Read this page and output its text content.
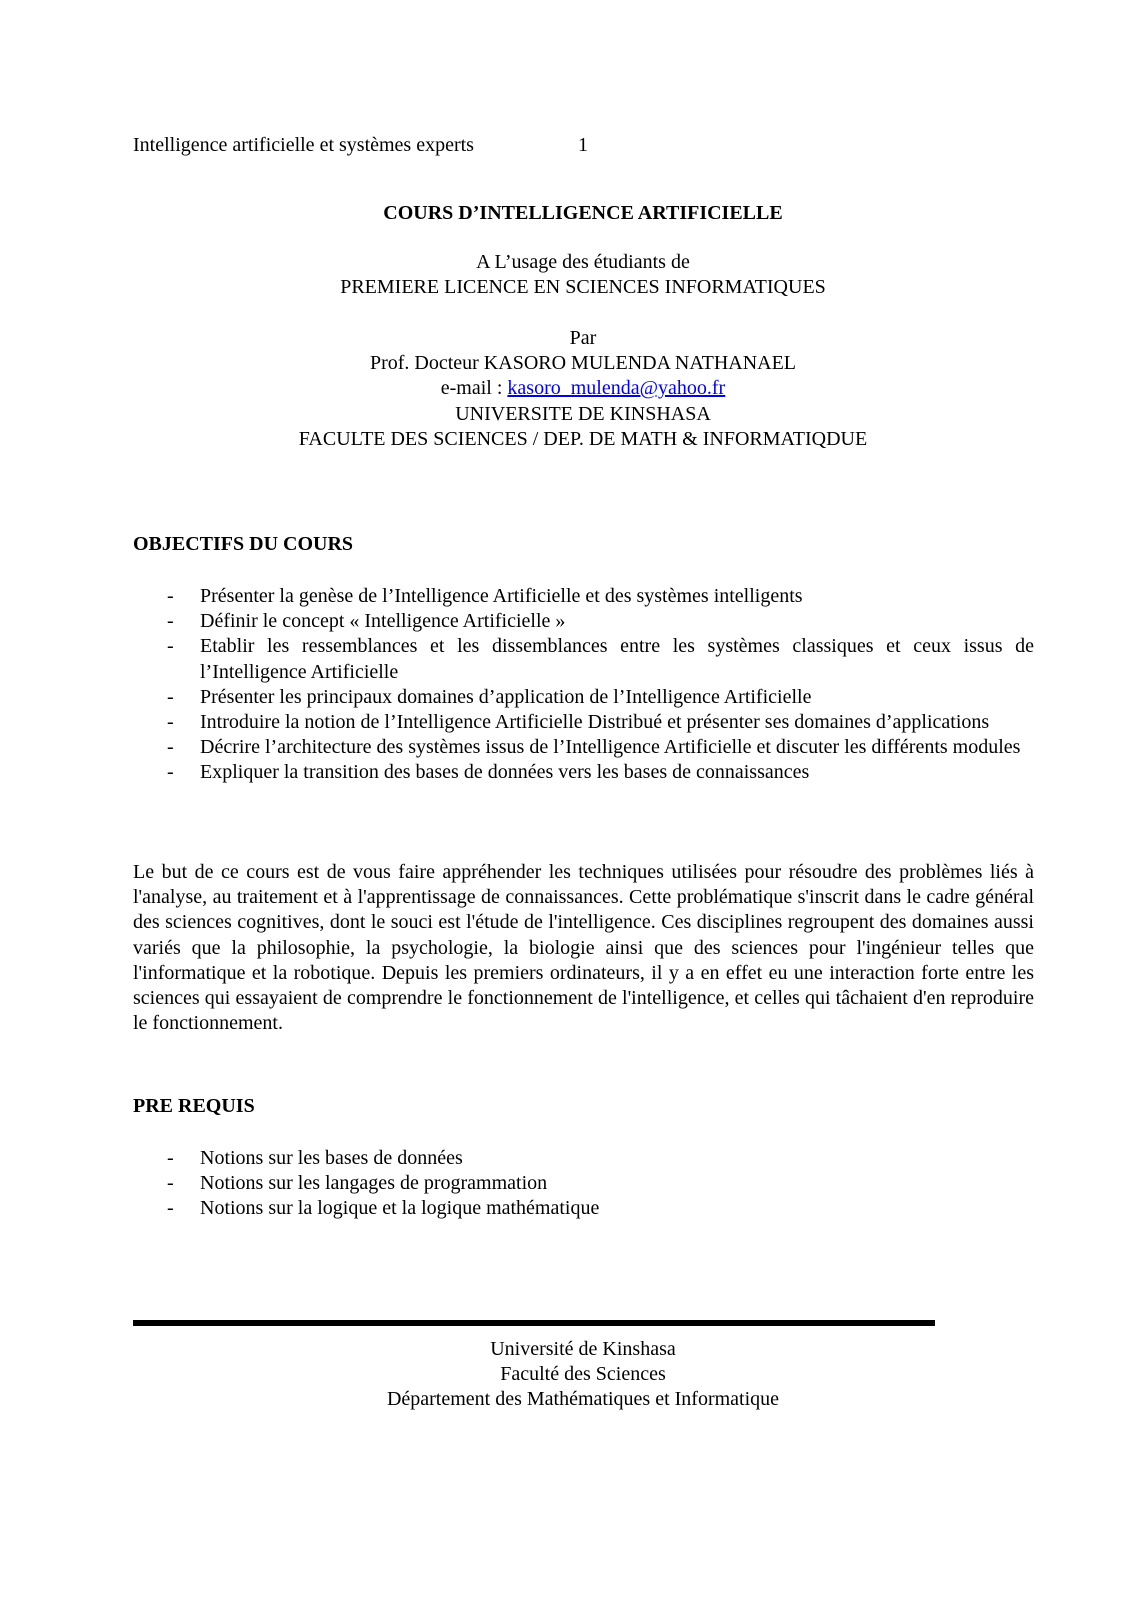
Intelligence artificielle et systèmes experts	1
COURS D’INTELLIGENCE ARTIFICIELLE
A L’usage des étudiants de
PREMIERE LICENCE EN SCIENCES INFORMATIQUES
Par
Prof. Docteur KASORO MULENDA NATHANAEL
e-mail : kasoro_mulenda@yahoo.fr
UNIVERSITE DE KINSHASA
FACULTE DES SCIENCES / DEP. DE MATH & INFORMATIQDUE
OBJECTIFS DU COURS
- Présenter la genèse de l’Intelligence Artificielle et des systèmes intelligents
- Définir le concept « Intelligence Artificielle »
- Etablir les ressemblances et les dissemblances entre les systèmes classiques et ceux issus de l’Intelligence Artificielle
- Présenter les principaux domaines d’application de l’Intelligence Artificielle
- Introduire la notion de l’Intelligence Artificielle Distribué et présenter ses domaines d’applications
- Décrire l’architecture des systèmes issus de l’Intelligence Artificielle et discuter les différents modules
- Expliquer la transition des bases de données vers les bases de connaissances

Le but de ce cours est de vous faire appréhender les techniques utilisées pour résoudre des problèmes liés à l'analyse, au traitement et à l'apprentissage de connaissances. Cette problématique s'inscrit dans le cadre général des sciences cognitives, dont le souci est l'étude de l'intelligence. Ces disciplines regroupent des domaines aussi variés que la philosophie, la psychologie, la biologie ainsi que des sciences pour l'ingénieur telles que l'informatique et la robotique. Depuis les premiers ordinateurs, il y a en effet eu une interaction forte entre les sciences qui essayaient de comprendre le fonctionnement de l'intelligence, et celles qui tâchaient d'en reproduire le fonctionnement.

PRE REQUIS
- Notions sur les bases de données
- Notions sur les langages de programmation
- Notions sur la logique et la logique mathématique
Université de Kinshasa
Faculté des Sciences
Département des Mathématiques et Informatique
